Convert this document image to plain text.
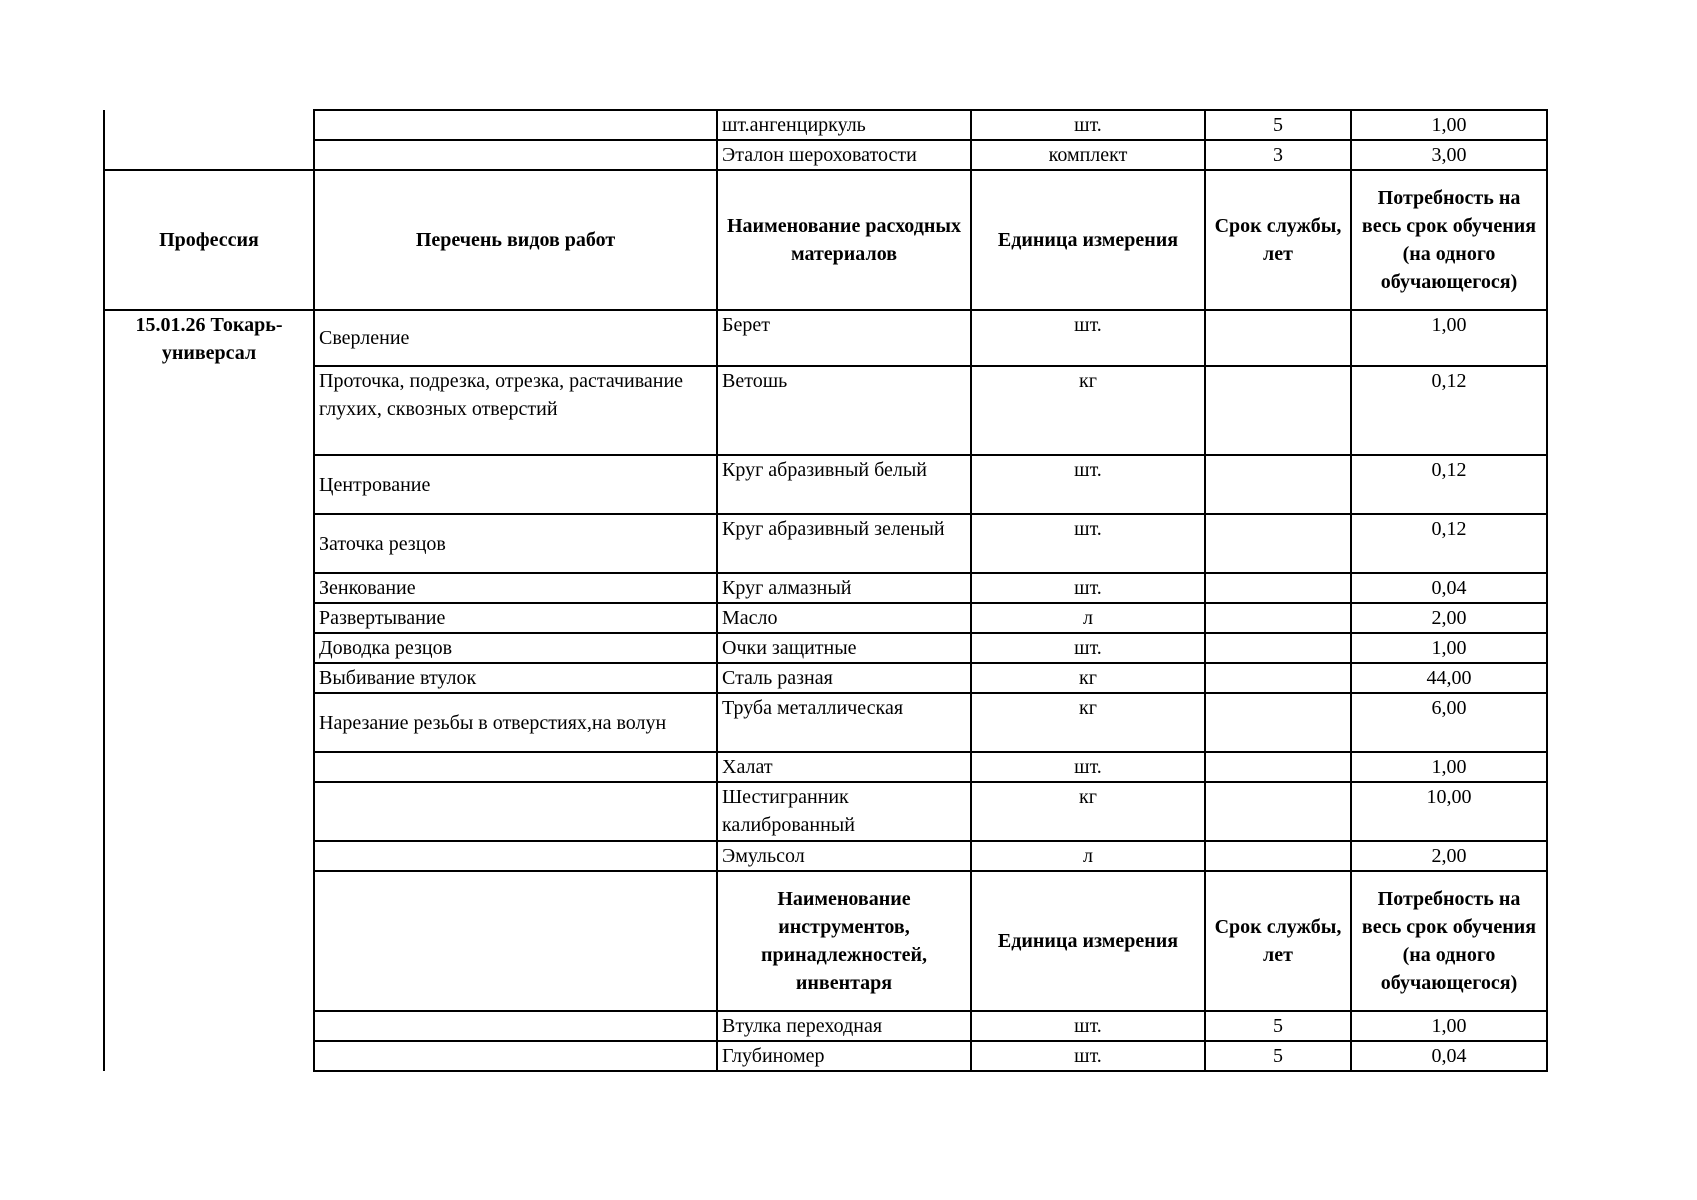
		шт.ангенциркуль	шт.	5	1,00
		Эталон шероховатости	комплект	3	3,00
Профессия	Перечень видов работ	Наименование расходных материалов	Единица измерения	Срок службы, лет	Потребность на весь срок обучения (на одного обучающегося)
15.01.26 Токарь-универсал	Сверление	Берет	шт.		1,00
	Проточка, подрезка, отрезка, растачивание глухих, сквозных отверстий	Ветошь	кг		0,12
	Центрование	Круг абразивный белый	шт.		0,12
	Заточка резцов	Круг абразивный зеленый	шт.		0,12
	Зенкование	Круг алмазный	шт.		0,04
	Развертывание	Масло	л		2,00
	Доводка резцов	Очки защитные	шт.		1,00
	Выбивание втулок	Сталь разная	кг		44,00
	Нарезание резьбы в отверстиях,на волун	Труба металлическая	кг		6,00
		Халат	шт.		1,00
		Шестигранник калиброванный	кг		10,00
		Эмульсол	л		2,00
		Наименование инструментов, принадлежностей, инвентаря	Единица измерения	Срок службы, лет	Потребность на весь срок обучения (на одного обучающегося)
		Втулка переходная	шт.	5	1,00
		Глубиномер	шт.	5	0,04
